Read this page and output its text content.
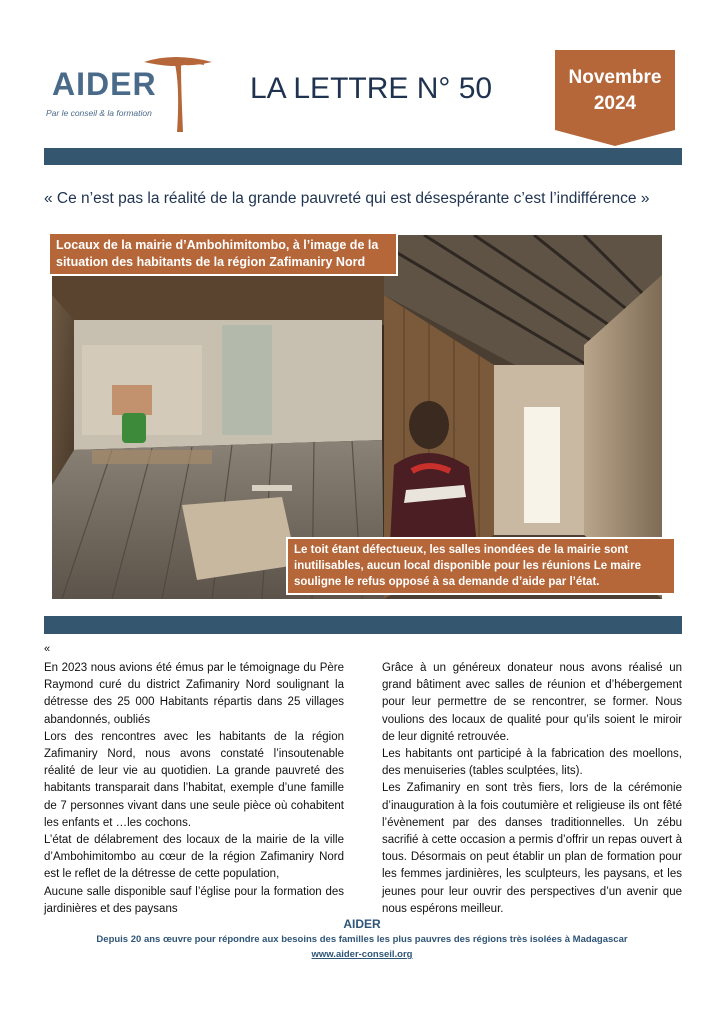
AIDER
Par le conseil & la formation
LA LETTRE N° 50	Novembre
2024
« Ce n’est pas la réalité de la grande pauvreté qui est désespérante c’est l’indifférence »
Locaux de la mairie d’Ambohimitombo, à l’image de la situation des habitants de la région Zafimaniry Nord
Le toit étant défectueux, les salles inondées de la mairie sont inutilisables, aucun local disponible pour les réunions Le maire souligne le refus opposé à sa demande d’aide par l’état.
«

En 2023 nous avions été émus par le témoignage du Père Raymond curé du district Zafimaniry Nord soulignant la détresse des 25 000 Habitants répartis dans 25 villages abandonnés, oubliés

Lors des rencontres avec les habitants de la région Zafimaniry Nord, nous avons constaté l’insoutenable réalité de leur vie au quotidien. La grande pauvreté des habitants transparait dans l’habitat, exemple d’une famille de 7 personnes vivant dans une seule pièce où cohabitent les enfants et …les cochons.

L’état de délabrement des locaux de la mairie de la ville d’Ambohimitombo au cœur de la région Zafimaniry Nord est le reflet de la détresse de cette population,

Aucune salle disponible sauf l’église pour la formation des jardinières et des paysans

Grâce à un généreux donateur nous avons réalisé un grand bâtiment avec salles de réunion et d’hébergement pour leur permettre de se rencontrer, se former. Nous voulions des locaux de qualité pour qu’ils soient le miroir de leur dignité retrouvée.

Les habitants ont participé à la fabrication des moellons, des menuiseries (tables sculptées, lits).

Les Zafimaniry en sont très fiers, lors de la cérémonie d’inauguration à la fois coutumière et religieuse ils ont fêté l’évènement par des danses traditionnelles. Un zébu sacrifié à cette occasion a permis d’offrir un repas ouvert à tous. Désormais on peut établir un plan de formation pour les femmes jardinières, les sculpteurs, les paysans, et les jeunes pour leur ouvrir des perspectives d’un avenir que nous espérons meilleur.

AIDER
Depuis 20 ans œuvre pour répondre aux besoins des familles les plus pauvres des régions très isolées à Madagascar
www.aider-conseil.org
